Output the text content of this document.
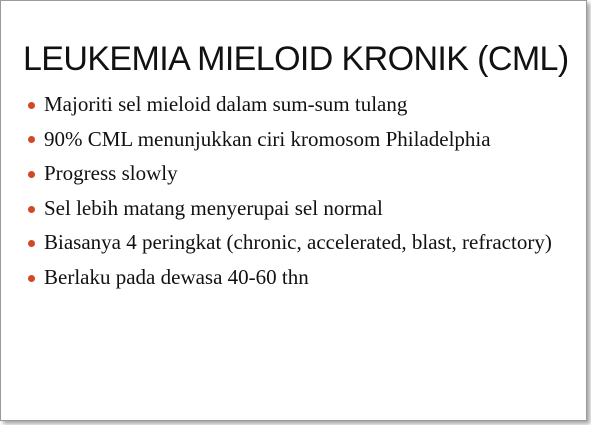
LEUKEMIA MIELOID KRONIK (CML)
Majoriti sel mieloid dalam sum-sum tulang
90% CML menunjukkan ciri kromosom Philadelphia
Progress slowly
Sel lebih matang menyerupai sel normal
Biasanya 4 peringkat (chronic, accelerated, blast, refractory)
Berlaku pada dewasa 40-60 thn
